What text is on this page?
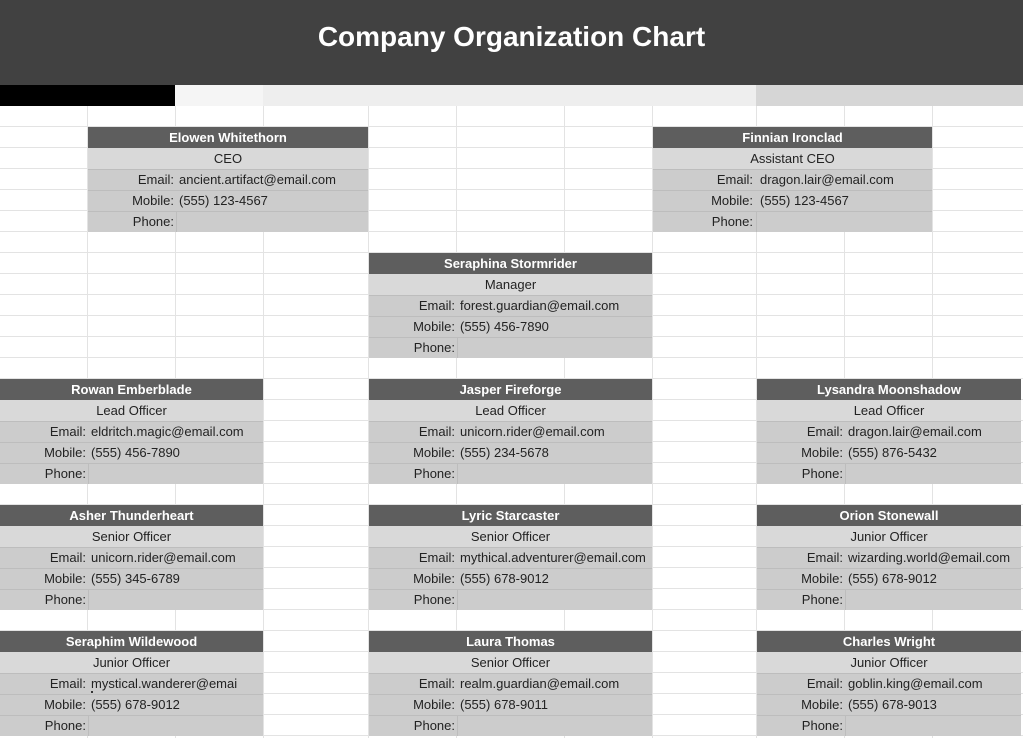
Company Organization Chart
Elowen Whitethorn
CEO
Email: ancient.artifact@email.com
Mobile: (555) 123-4567
Phone:
Finnian Ironclad
Assistant CEO
Email: dragon.lair@email.com
Mobile: (555) 123-4567
Phone:
Seraphina Stormrider
Manager
Email: forest.guardian@email.com
Mobile: (555) 456-7890
Phone:
Rowan Emberblade
Lead Officer
Email: eldritch.magic@email.com
Mobile: (555) 456-7890
Phone:
Jasper Fireforge
Lead Officer
Email: unicorn.rider@email.com
Mobile: (555) 234-5678
Phone:
Lysandra Moonshadow
Lead Officer
Email: dragon.lair@email.com
Mobile: (555) 876-5432
Phone:
Asher Thunderheart
Senior Officer
Email: unicorn.rider@email.com
Mobile: (555) 345-6789
Phone:
Lyric Starcaster
Senior Officer
Email: mythical.adventurer@email.com
Mobile: (555) 678-9012
Phone:
Orion Stonewall
Junior Officer
Email: wizarding.world@email.com
Mobile: (555) 678-9012
Phone:
Seraphim Wildewood
Junior Officer
Email: mystical.wanderer@emai
Mobile: (555) 678-9012
Phone:
Laura Thomas
Senior Officer
Email: realm.guardian@email.com
Mobile: (555) 678-9011
Phone:
Charles Wright
Junior Officer
Email: goblin.king@email.com
Mobile: (555) 678-9013
Phone:
